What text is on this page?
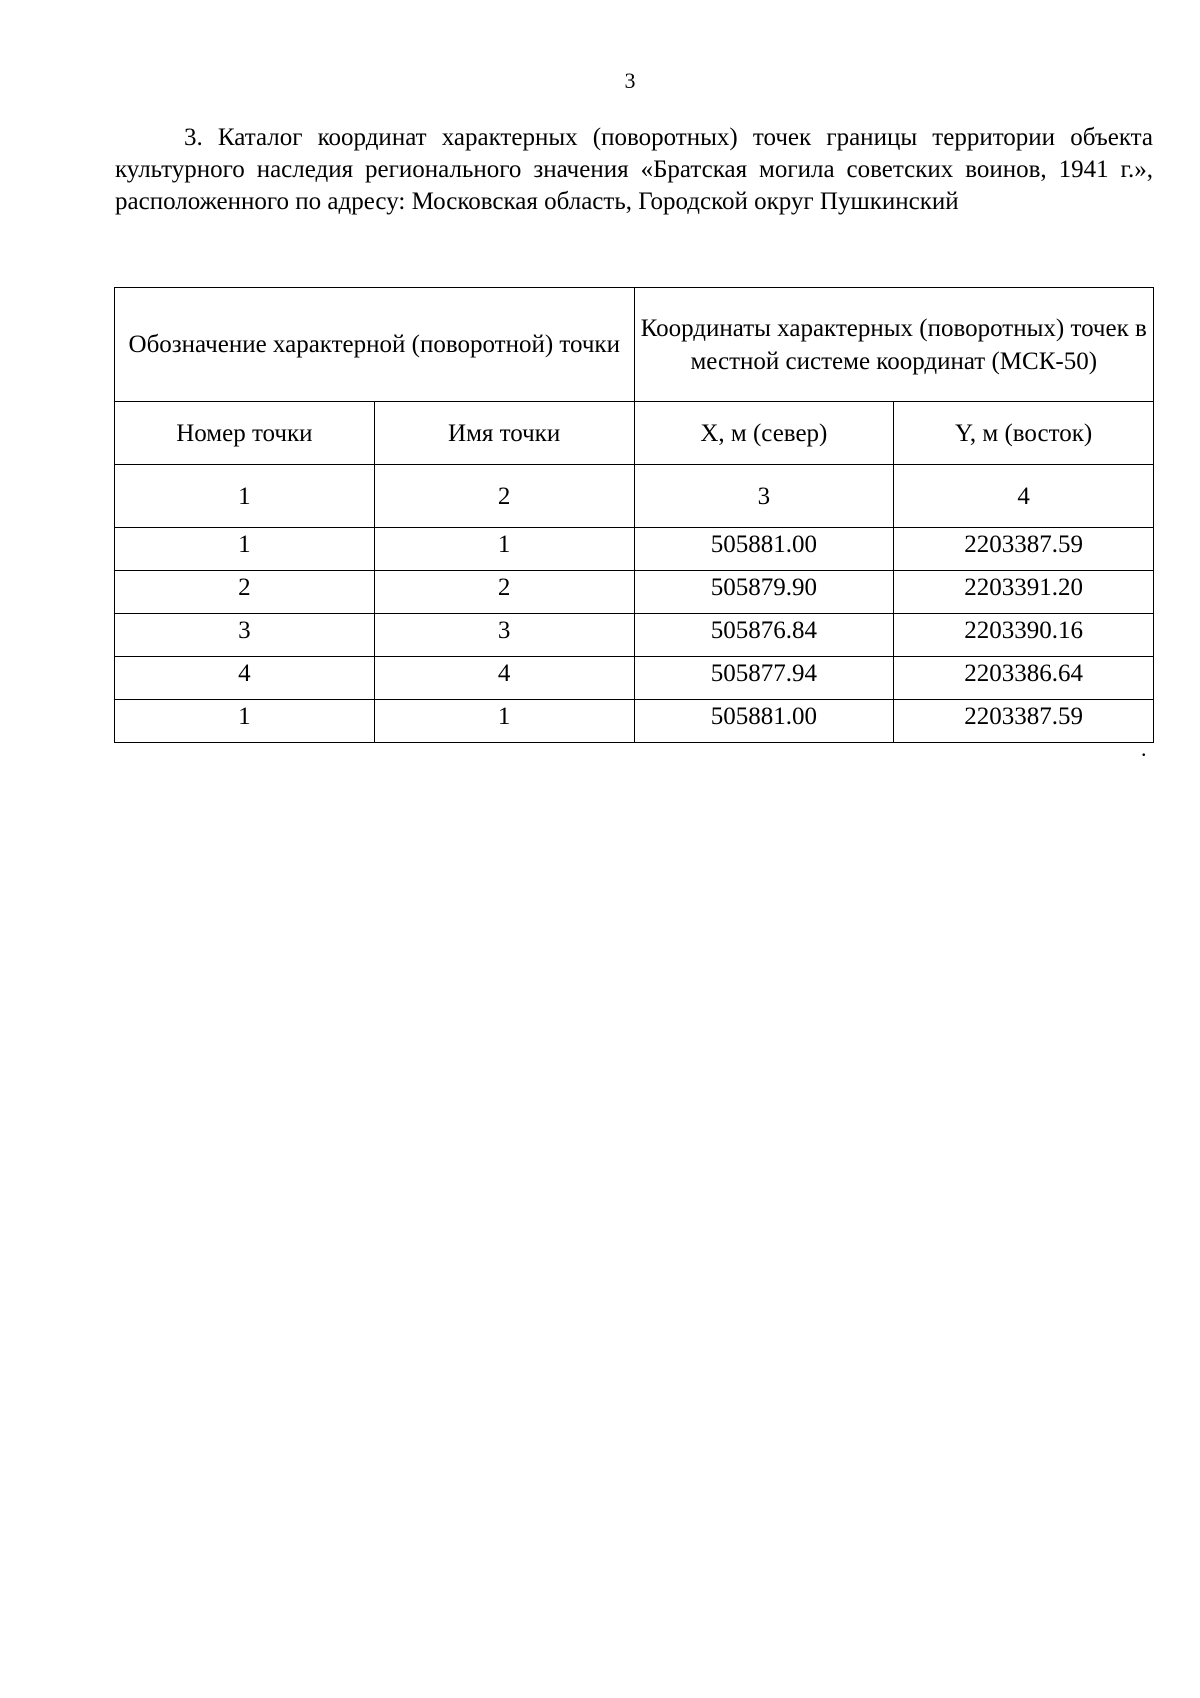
3

3. Каталог координат характерных (поворотных) точек границы территории объекта культурного наследия регионального значения «Братская могила советских воинов, 1941 г.», расположенного по адресу: Московская область, Городской округ Пушкинский

Обозначение характерной (поворотной) точки		Координаты характерных (поворотных) точек в местной системе координат (МСК-50)	
Номер точки	Имя точки	X, м (север)	Y, м (восток)
1	2	3	4
1	1	505881.00	2203387.59
2	2	505879.90	2203391.20
3	3	505876.84	2203390.16
4	4	505877.94	2203386.64
1	1	505881.00	2203387.59
.
